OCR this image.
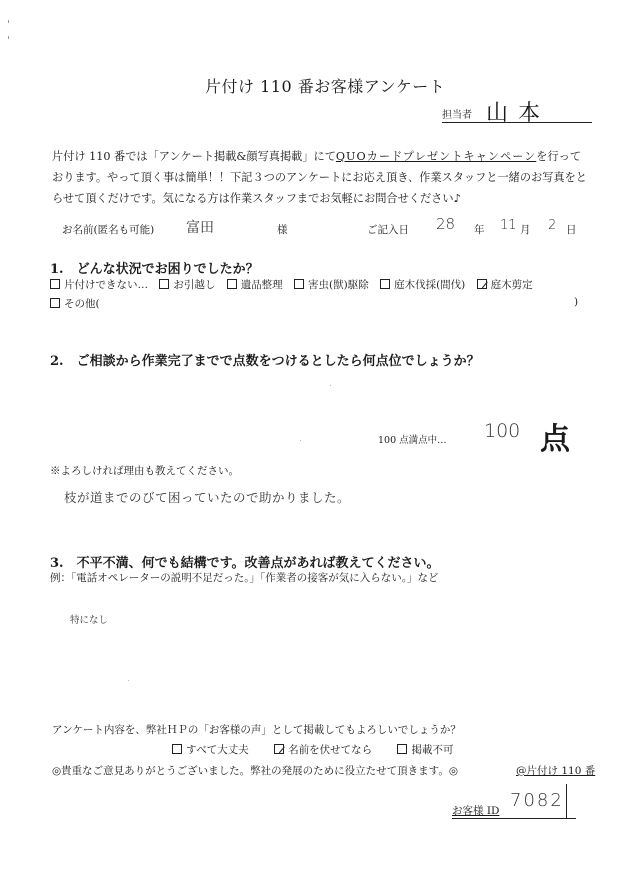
片付け 110 番お客様アンケート
担当者 山本
片付け 110 番では「アンケート掲載&顔写真掲載」にてQUOカードプレゼントキャンペーンを行っております。やって頂く事は簡単！！下記３つのアンケートにお応え頂き、作業スタッフと一緒のお写真をとらせて頂くだけです。気になる方は作業スタッフまでお気軽にお問合せください♪
お名前(匿名も可能) 富田	様	ご記入日 28 年 11 月 2 日
1.　どんな状況でお困りでしたか？
片付けできない… お引越し 遺品整理 害虫(獣)駆除 庭木伐採(間伐) 庭木剪定
その他(	)
2.　ご相談から作業完了までで点数をつけるとしたら何点位でしょうか？
100 点満点中… 100 点
※よろしければ理由も教えてください。
枝が道までのびて困っていたので助かりました。
3.　不平不満、何でも結構です。改善点があれば教えてください。
例：「電話オペレーターの説明不足だった。」「作業者の接客が気に入らない。」など
特になし
アンケート内容を、弊社ＨＰの「お客様の声」として掲載してもよろしいでしょうか？
すべて大丈夫	名前を伏せてなら	掲載不可
◎貴重なご意見ありがとうございました。弊社の発展のために役立たせて頂きます。◎	@片付け 110 番
お客様 ID 7082
